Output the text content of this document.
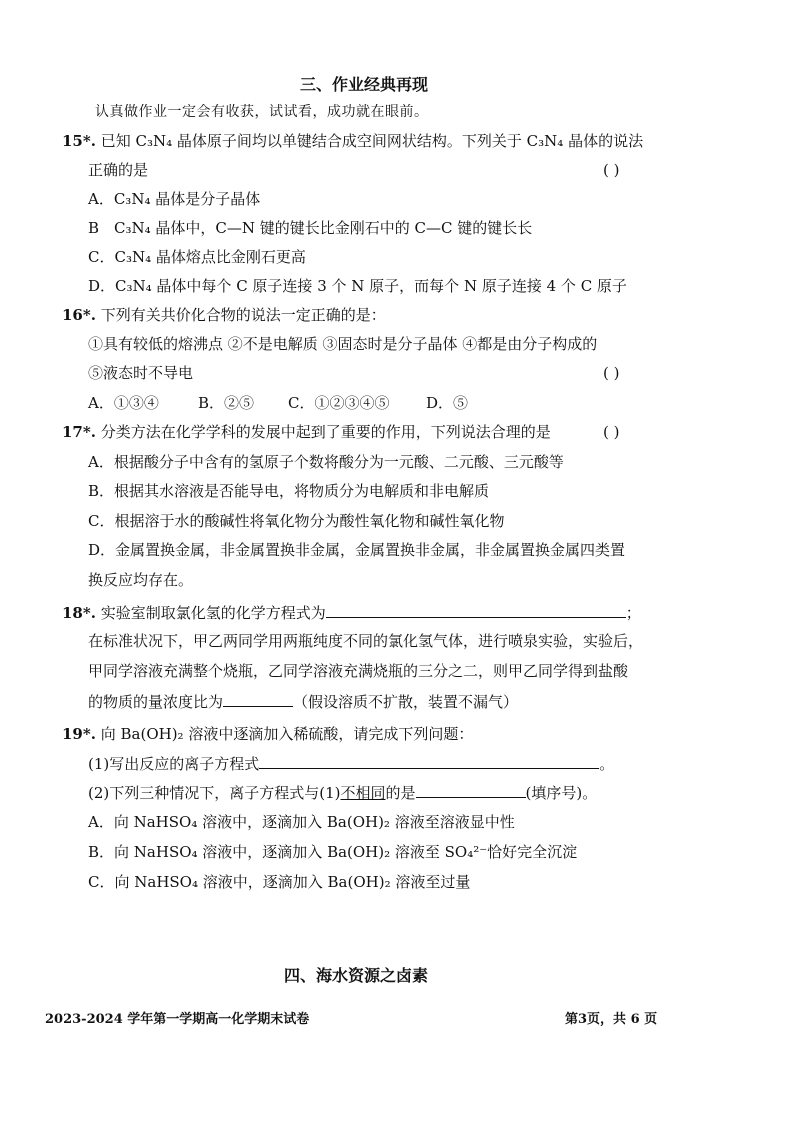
三、作业经典再现
认真做作业一定会有收获，试试看，成功就在眼前。
15*. 已知 C₃N₄ 晶体原子间均以单键结合成空间网状结构。下列关于 C₃N₄ 晶体的说法
正确的是	( )
A．C₃N₄ 晶体是分子晶体
B　C₃N₄ 晶体中，C—N 键的键长比金刚石中的 C—C 键的键长长
C．C₃N₄ 晶体熔点比金刚石更高
D．C₃N₄ 晶体中每个 C 原子连接 3 个 N 原子，而每个 N 原子连接 4 个 C 原子
16*. 下列有关共价化合物的说法一定正确的是：
①具有较低的熔沸点 ②不是电解质 ③固态时是分子晶体 ④都是由分子构成的
⑤液态时不导电	( )
A．①③④	B．②⑤ C．①②③④⑤ D．⑤
17*. 分类方法在化学学科的发展中起到了重要的作用，下列说法合理的是	( )
A．根据酸分子中含有的氢原子个数将酸分为一元酸、二元酸、三元酸等
B．根据其水溶液是否能导电，将物质分为电解质和非电解质
C．根据溶于水的酸碱性将氧化物分为酸性氧化物和碱性氧化物
D．金属置换金属，非金属置换非金属，金属置换非金属，非金属置换金属四类置
换反应均存在。
18*. 实验室制取氯化氢的化学方程式为	；
在标准状况下，甲乙两同学用两瓶纯度不同的氯化氢气体，进行喷泉实验，实验后，
甲同学溶液充满整个烧瓶，乙同学溶液充满烧瓶的三分之二，则甲乙同学得到盐酸
的物质的量浓度比为	（假设溶质不扩散，装置不漏气）
19*. 向 Ba(OH)₂ 溶液中逐滴加入稀硫酸，请完成下列问题：
(1)写出反应的离子方程式	。
(2)下列三种情况下，离子方程式与(1)不相同的是	(填序号)。
A．向 NaHSO₄ 溶液中，逐滴加入 Ba(OH)₂ 溶液至溶液显中性
B．向 NaHSO₄ 溶液中，逐滴加入 Ba(OH)₂ 溶液至 SO₄²⁻恰好完全沉淀
C．向 NaHSO₄ 溶液中，逐滴加入 Ba(OH)₂ 溶液至过量
四、海水资源之卤素
2023-2024 学年第一学期高一化学期末试卷	第3页，共 6 页
